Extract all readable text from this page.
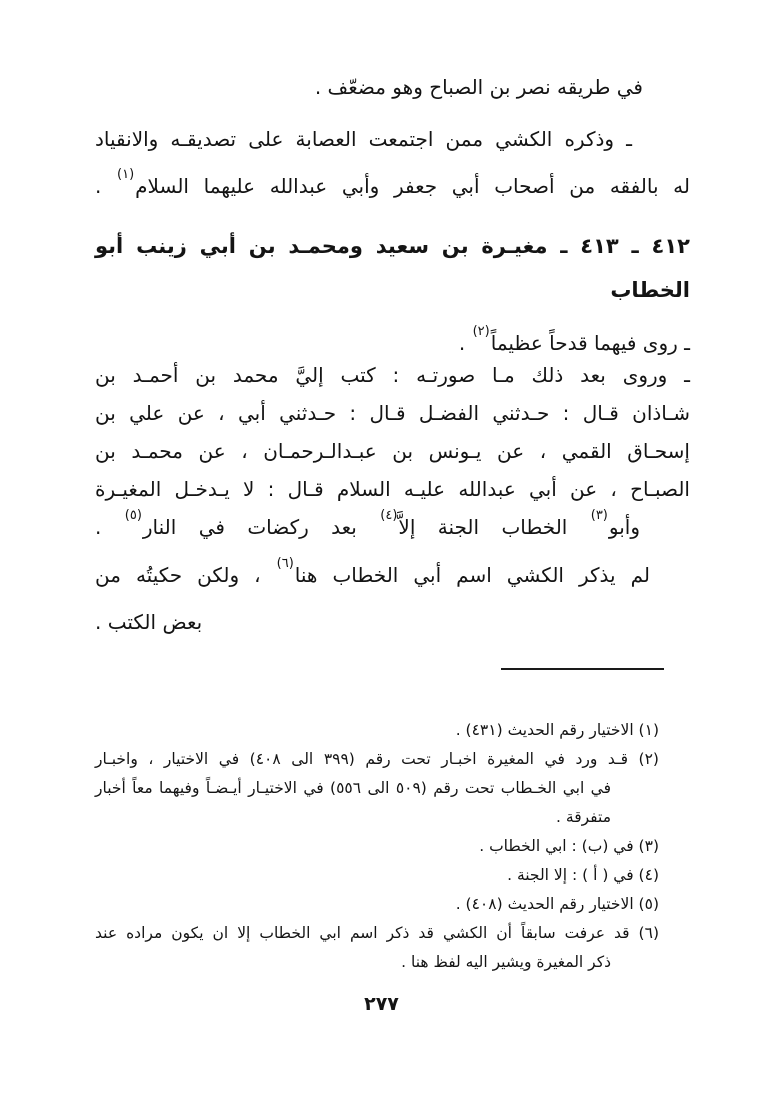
في طريقه نصر بن الصباح وهو مضعّف .
ـ وذكره الكشي ممن اجتمعت العصابة على تصديقـه والانقياد
له بالفقه من أصحاب أبي جعفر وأبي عبدالله عليهما السلام$^{(١)}$ .
٤١٢ ـ ٤١٣ ـ مغيـرة بن سعيد ومحمـد بن أبي زينب أبو
الخطاب
ـ روى فيهما قدحاً عظيماً$^{(٢)}$ .
ـ وروى بعد ذلك مـا صورتـه : كتب إليَّ محمد بن أحمـد بن
شـاذان قـال : حـدثني الفضـل قـال : حـدثني أبي ، عن علي بن
إسحـاق القمي ، عن يـونس بن عبـدالـرحمـان ، عن محمـد بن
الصبـاح ، عن أبي عبدالله عليـه السلام قـال : لا يـدخـل المغيـرة
وأبو$^{(٣)}$ الخطاب الجنة إلاَّ$^{(٤)}$ بعد ركضات في النار$^{(٥)}$ .
لم يذكر الكشي اسم أبي الخطاب هنا$^{(٦)}$ ، ولكن حكيتُه من
بعض الكتب .
(١) الاختيار رقم الحديث (٤٣١) .
(٢) قـد ورد في المغيرة اخبـار تحت رقم (٣٩٩ الى ٤٠٨) في الاختيار ، واخبـار
في ابي الخـطاب تحت رقم (٥٠٩ الى ٥٥٦) في الاختيـار أيـضـاً وفيهما معاً أخبار
متفرقة .
(٣) في (ب) : ابي الخطاب .
(٤) في ( أ ) : إلا الجنة .
(٥) الاختيار رقم الحديث (٤٠٨) .
(٦) قد عرفت سابقاً أن الكشي قد ذكر اسم ابي الخطاب إلا ان يكون مراده عند
ذكر المغيرة ويشير اليه لفظ هنا .
٢٧٧
